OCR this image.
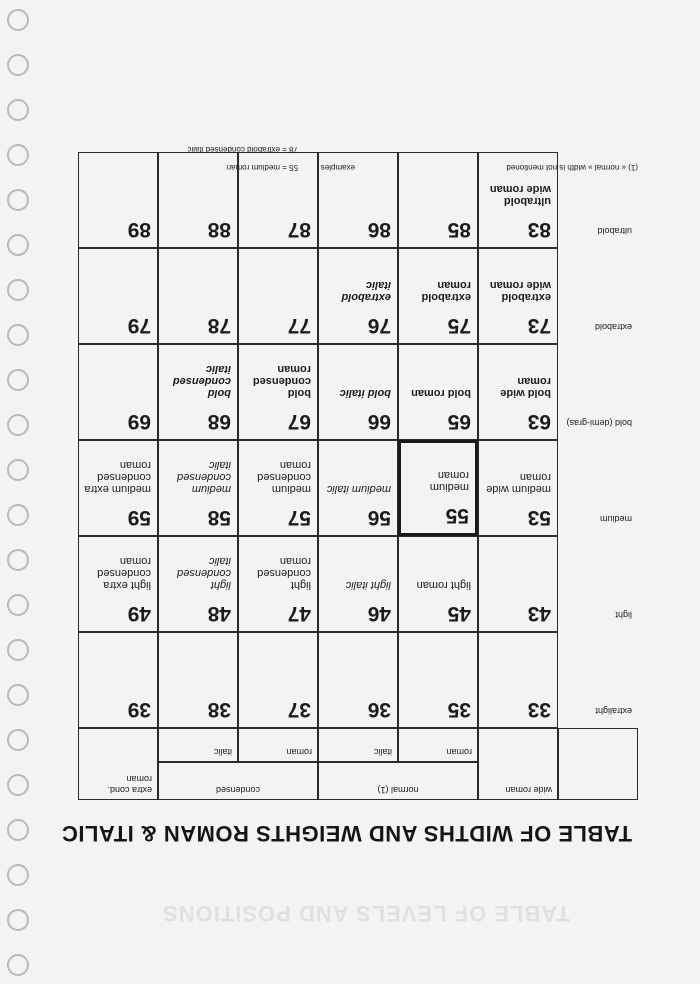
TABLE OF LEVELS AND POSITIONS
TABLE OF WIDTHS AND WEIGHTS ROMAN & ITALIC
wide roman
normal (1)
condensed
roman
italic
roman
italic
extra cond. roman
extralight
33
35
36
37
38
39
light
43
45
light roman
46
light italic
47
light condensed roman
48
light condensed italic
49
light extra condensed roman
medium
53
medium wide roman
55
medium roman
56
medium italic
57
medium condensed roman
58
medium condensed italic
59
medium extra condensed roman
bold (demi-gras)
63
bold wide roman
65
bold roman
66
bold italic
67
bold condensed roman
68
bold condensed italic
69
extrabold
73
extrabold wide roman
75
extrabold roman
76
extrabold italic
77
78
79
ultrabold
83
ultrabold wide roman
85
86
87
88
89
(1) « normal » width is not mentioned
examples :
55 = medium roman
78 = extrabold condensed italic
